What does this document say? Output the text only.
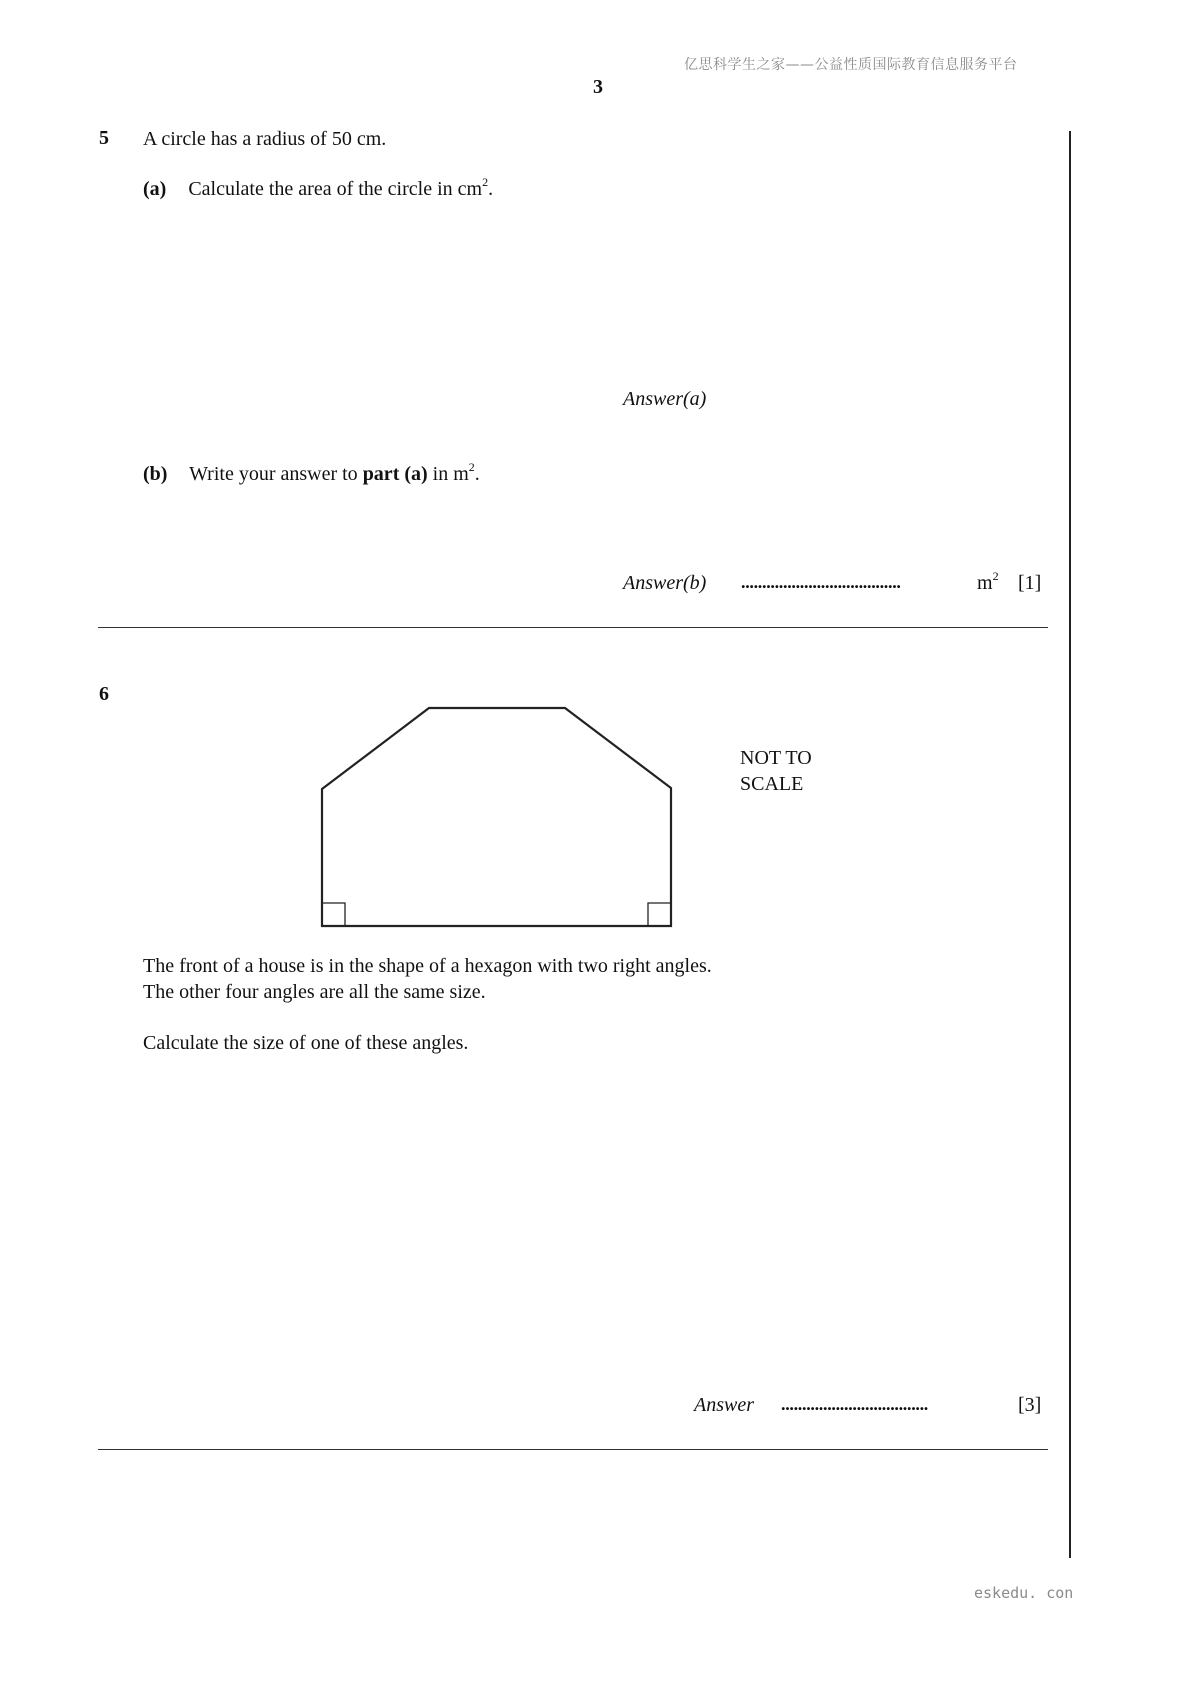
亿思科学生之家——公益性质国际教育信息服务平台
3
5 A circle has a radius of 50 cm.
(a) Calculate the area of the circle in $cm^2$.
Answer(a)
(b) Write your answer to part (a) in $m^2$.
Answer(b) ......................................	$m^2$ [1]
6
NOT TO
SCALE
The front of a house is in the shape of a hexagon with two right angles.
The other four angles are all the same size.
Calculate the size of one of these angles.
Answer ...................................	[3]
eskedu. con
